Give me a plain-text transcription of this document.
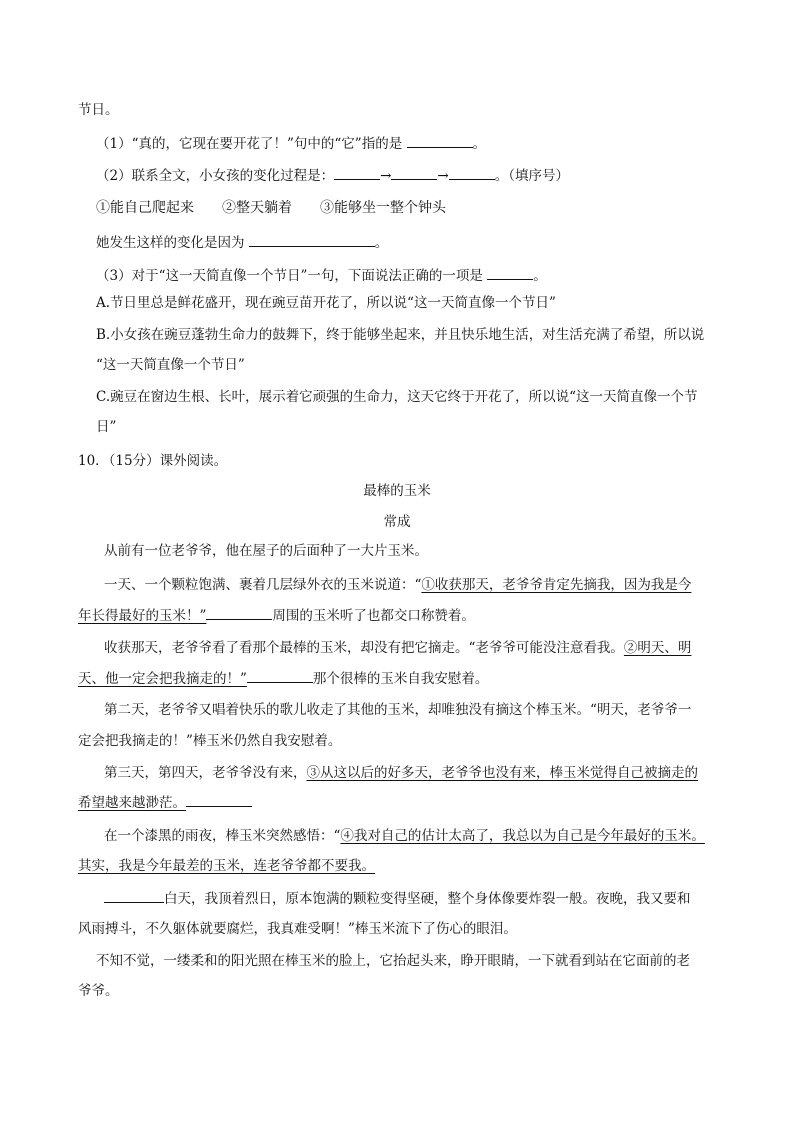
节日。
（1）“真的，它现在要开花了！”句中的“它”指的是	。
（2）联系全文，小女孩的变化过程是：	→	→	。（填序号）
①能自己爬起来　　②整天躺着　　③能够坐一整个钟头
她发生这样的变化是因为	。
（3）对于“这一天简直像一个节日”一句，下面说法正确的一项是	。
A.节日里总是鲜花盛开，现在豌豆苗开花了，所以说“这一天简直像一个节日”
B.小女孩在豌豆蓬勃生命力的鼓舞下，终于能够坐起来，并且快乐地生活，对生活充满了希望，所以说
“这一天简直像一个节日”
C.豌豆在窗边生根、长叶，展示着它顽强的生命力，这天它终于开花了，所以说“这一天简直像一个节
日”
10．（15分）课外阅读。
最棒的玉米
常成
从前有一位老爷爷，他在屋子的后面种了一大片玉米。
一天、一个颗粒饱满、裹着几层绿外衣的玉米说道：“①收获那天，老爷爷肯定先摘我，因为我是今
年长得最好的玉米！”	周围的玉米听了也都交口称赞着。
收获那天，老爷爷看了看那个最棒的玉米，却没有把它摘走。“老爷爷可能没注意看我。②明天、明
天、他一定会把我摘走的！”	那个很棒的玉米自我安慰着。
第二天，老爷爷又唱着快乐的歌儿收走了其他的玉米，却唯独没有摘这个棒玉米。“明天，老爷爷一
定会把我摘走的！”棒玉米仍然自我安慰着。
第三天，第四天，老爷爷没有来，③从这以后的好多天，老爷爷也没有来，棒玉米觉得自己被摘走的
希望越来越渺茫。
在一个漆黑的雨夜，棒玉米突然感悟：“④我对自己的估计太高了，我总以为自己是今年最好的玉米。
其实，我是今年最差的玉米，连老爷爷都不要我。
白天，我顶着烈日，原本饱满的颗粒变得坚硬，整个身体像要炸裂一般。夜晚，我又要和
风雨搏斗，不久躯体就要腐烂，我真难受啊！”棒玉米流下了伤心的眼泪。
不知不觉，一缕柔和的阳光照在棒玉米的脸上，它抬起头来，睁开眼睛，一下就看到站在它面前的老
爷爷。
